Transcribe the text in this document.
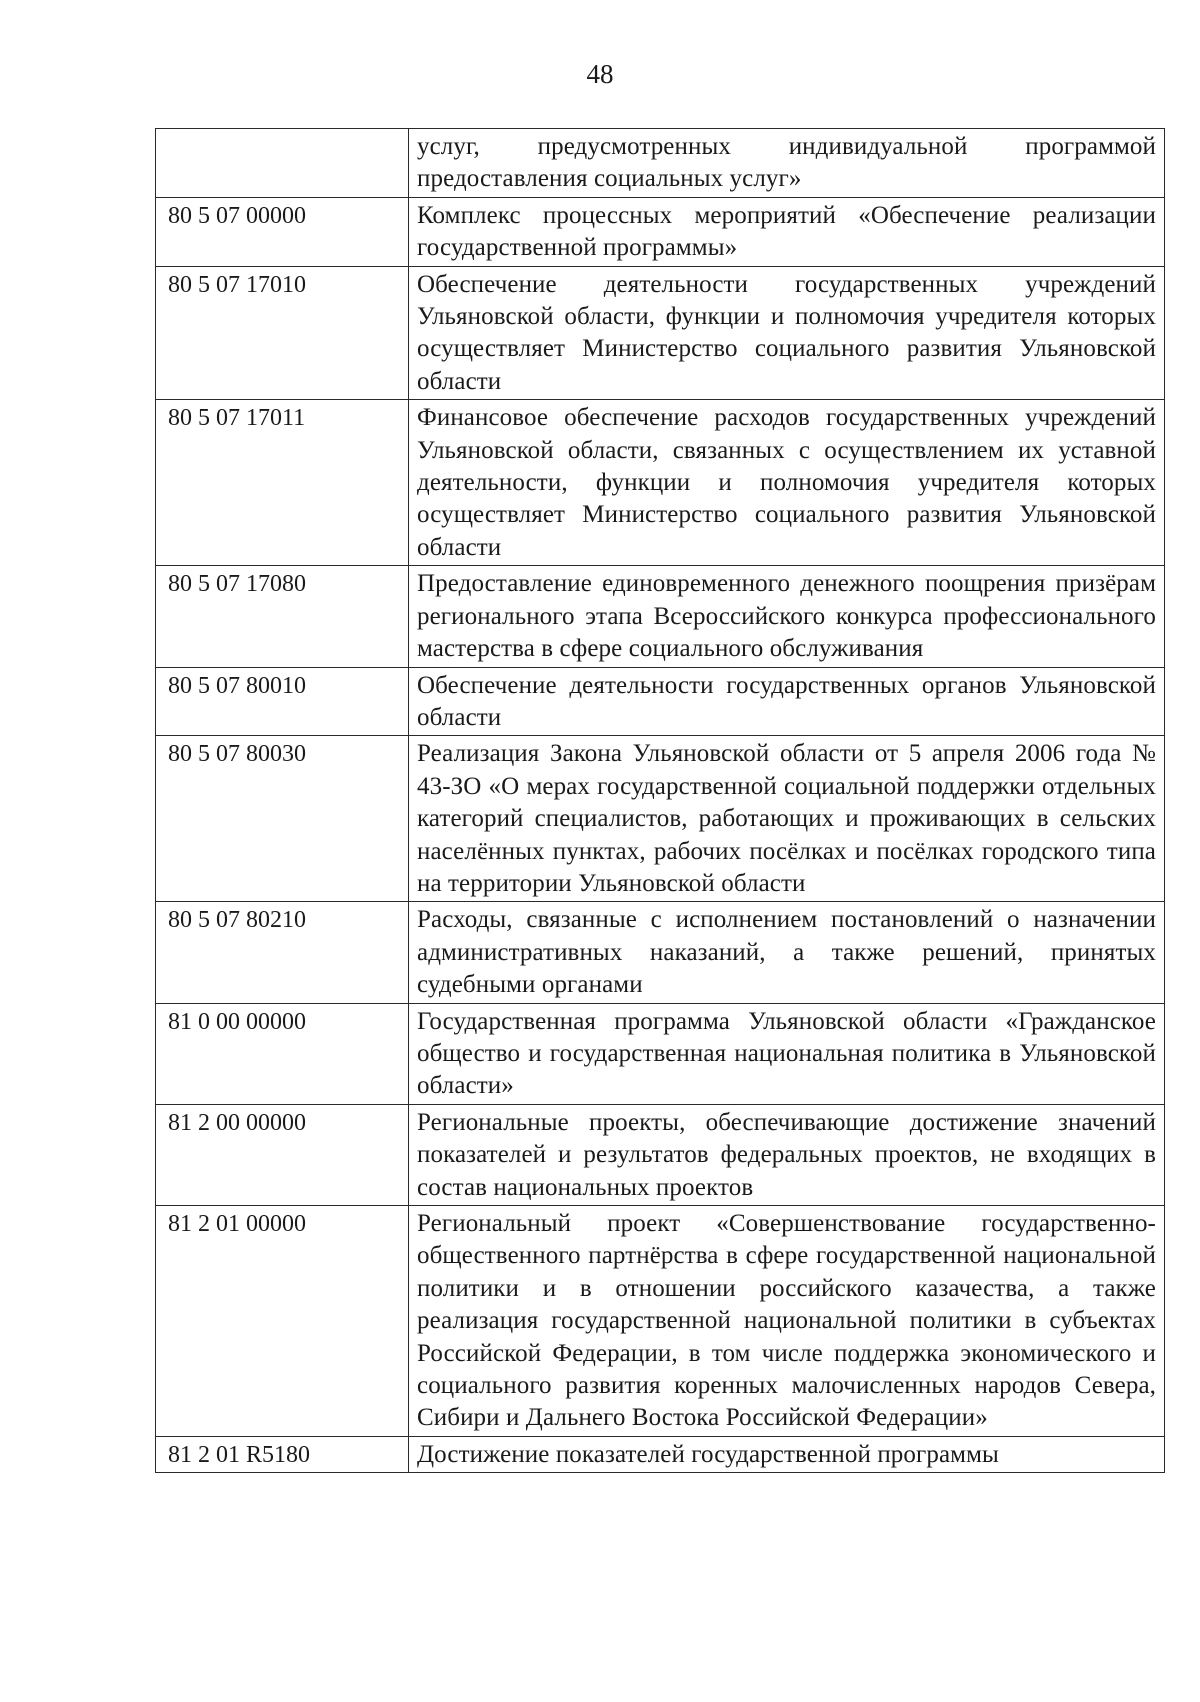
48
	услуг, предусмотренных индивидуальной программой предоставления социальных услуг»
80 5 07 00000	Комплекс процессных мероприятий «Обеспечение реализации государственной программы»
80 5 07 17010	Обеспечение деятельности государственных учреждений Ульяновской области, функции и полномочия учредителя которых осуществляет Министерство социального развития Ульяновской области
80 5 07 17011	Финансовое обеспечение расходов государственных учреждений Ульяновской области, связанных с осуществлением их уставной деятельности, функции и полномочия учредителя которых осуществляет Министерство социального развития Ульяновской области
80 5 07 17080	Предоставление единовременного денежного поощрения призёрам регионального этапа Всероссийского конкурса профессионального мастерства в сфере социального обслуживания
80 5 07 80010	Обеспечение деятельности государственных органов Ульяновской области
80 5 07 80030	Реализация Закона Ульяновской области от 5 апреля 2006 года № 43-ЗО «О мерах государственной социальной поддержки отдельных категорий специалистов, работающих и проживающих в сельских населённых пунктах, рабочих посёлках и посёлках городского типа на территории Ульяновской области
80 5 07 80210	Расходы, связанные с исполнением постановлений о назначении административных наказаний, а также решений, принятых судебными органами
81 0 00 00000	Государственная программа Ульяновской области «Гражданское общество и государственная национальная политика в Ульяновской области»
81 2 00 00000	Региональные проекты, обеспечивающие достижение значений показателей и результатов федеральных проектов, не входящих в состав национальных проектов
81 2 01 00000	Региональный проект «Совершенствование государственно-общественного партнёрства в сфере государственной национальной политики и в отношении российского казачества, а также реализация государственной национальной политики в субъектах Российской Федерации, в том числе поддержка экономического и социального развития коренных малочисленных народов Севера, Сибири и Дальнего Востока Российской Федерации»
81 2 01 R5180	Достижение показателей государственной программы
